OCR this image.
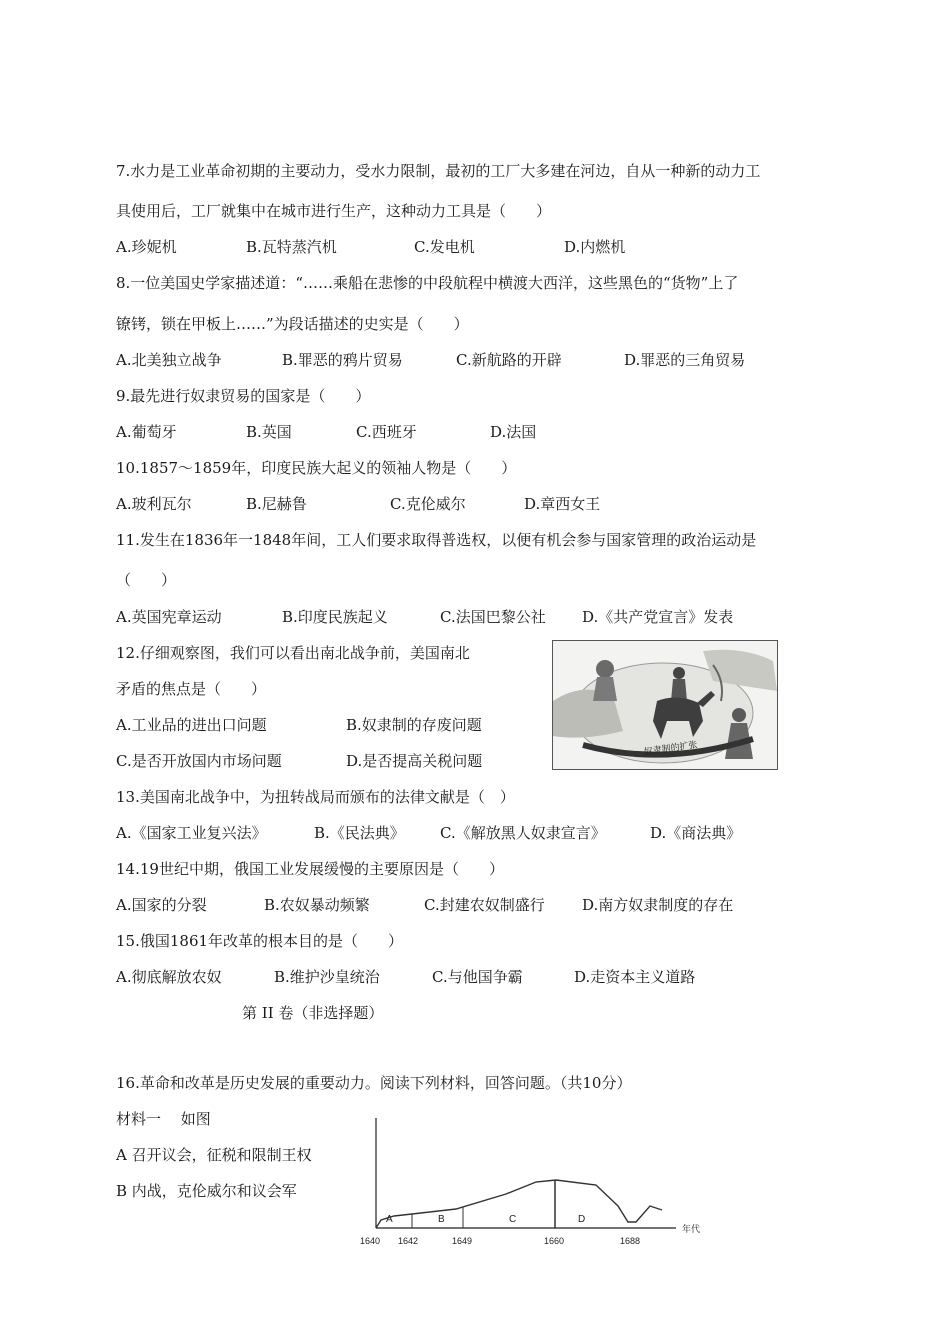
7.水力是工业革命初期的主要动力，受水力限制，最初的工厂大多建在河边，自从一种新的动力工
具使用后，工厂就集中在城市进行生产，这种动力工具是（　　）
A.珍妮机	B.瓦特蒸汽机	C.发电机	D.内燃机
8.一位美国史学家描述道：“……乘船在悲惨的中段航程中横渡大西洋，这些黑色的“货物”上了
镣铐，锁在甲板上……”为段话描述的史实是（　　）
A.北美独立战争	B.罪恶的鸦片贸易	C.新航路的开辟	D.罪恶的三角贸易
9.最先进行奴隶贸易的国家是（　　）
A.葡萄牙	B.英国	C.西班牙	D.法国
10.1857～1859年，印度民族大起义的领袖人物是（　　）
A.玻利瓦尔	B.尼赫鲁	C.克伦威尔	D.章西女王
11.发生在1836年一1848年间，工人们要求取得普选权，以便有机会参与国家管理的政治运动是
（　　）
A.英国宪章运动	B.印度民族起义	C.法国巴黎公社 D.《共产党宣言》发表
12.仔细观察图，我们可以看出南北战争前，美国南北
矛盾的焦点是（　　）
A.工业品的进出口问题	B.奴隶制的存废问题
C.是否开放国内市场问题	D.是否提高关税问题
奴隶制的扩张
13.美国南北战争中，为扭转战局而颁布的法律文献是（　）
A.《国家工业复兴法》	B.《民法典》 C.《解放黑人奴隶宣言》	D.《商法典》
14.19世纪中期，俄国工业发展缓慢的主要原因是（　　）
A.国家的分裂	B.农奴暴动频繁	C.封建农奴制盛行 D.南方奴隶制度的存在
15.俄国1861年改革的根本目的是（　　）
A.彻底解放农奴	B.维护沙皇统治	C.与他国争霸	D.走资本主义道路
第 II 卷（非选择题）
16.革命和改革是历史发展的重要动力。阅读下列材料，回答问题。（共10分）
材料一　 如图
A 召开议会，征税和限制王权
B 内战，克伦威尔和议会军
A	B	C	D
1640 1642	1649	1660	1688
年代
